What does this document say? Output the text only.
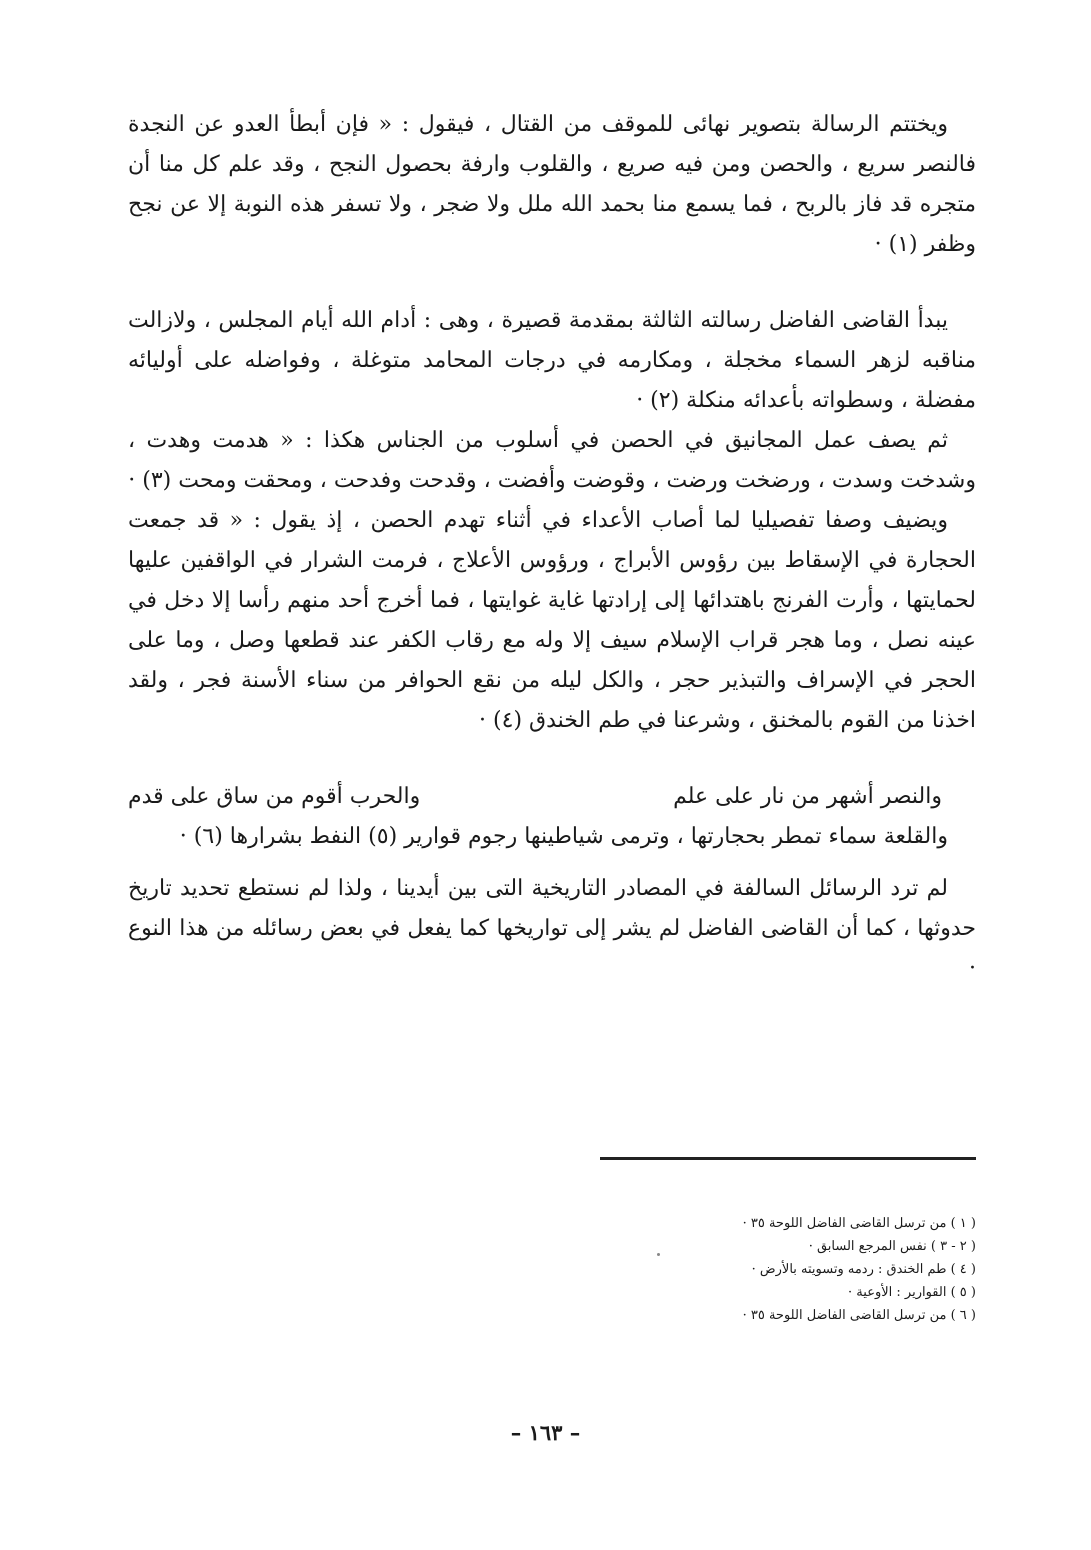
ويختتم الرسالة بتصوير نهائى للموقف من القتال ، فيقول : « فإن أبطأ العدو عن النجدة فالنصر سريع ، والحصن ومن فيه صريع ، والقلوب وارفة بحصول النجح ، وقد علم كل منا أن متجره قد فاز بالربح ، فما يسمع منا بحمد الله ملل ولا ضجر ، ولا تسفر هذه النوبة إلا عن نجح وظفر (١) ·

يبدأ القاضى الفاضل رسالته الثالثة بمقدمة قصيرة ، وهى : أدام الله أيام المجلس ، ولازالت مناقبه لزهر السماء مخجلة ، ومكارمه في درجات المحامد متوغلة ، وفواضله على أوليائه مفضلة ، وسطواته بأعدائه منكلة (٢) ·

ثم يصف عمل المجانيق في الحصن في أسلوب من الجناس هكذا : « هدمت وهدت ، وشدخت وسدت ، ورضخت ورضت ، وقوضت وأفضت ، وقدحت وفدحت ، ومحقت ومحت (٣) ·

ويضيف وصفا تفصيليا لما أصاب الأعداء في أثناء تهدم الحصن ، إذ يقول : « قد جمعت الحجارة في الإسقاط بين رؤوس الأبراج ، ورؤوس الأعلاج ، فرمت الشرار في الواقفين عليها لحمايتها ، وأرت الفرنج باهتدائها إلى إرادتها غاية غوايتها ، فما أخرج أحد منهم رأسا إلا دخل في عينه نصل ، وما هجر قراب الإسلام سيف إلا وله مع رقاب الكفر عند قطعها وصل ، وما على الحجر في الإسراف والتبذير حجر ، والكل ليله من نقع الحوافر من سناء الأسنة فجر ، ولقد اخذنا من القوم بالمخنق ، وشرعنا في طم الخندق (٤) ·

والنصر أشهر من نار على علم
والحرب أقوم من ساق على قدم

والقلعة سماء تمطر بحجارتها ، وترمى شياطينها رجوم قوارير (٥) النفط بشرارها (٦) ·

لم ترد الرسائل السالفة في المصادر التاريخية التى بين أيدينا ، ولذا لم نستطع تحديد تاريخ حدوثها ، كما أن القاضى الفاضل لم يشر إلى تواريخها كما يفعل في بعض رسائله من هذا النوع ·

( ١ ) من ترسل القاضى الفاضل اللوحة ٣٥ ·
( ٢ - ٣ ) نفس المرجع السابق ·
( ٤ ) طم الخندق : ردمه وتسويته بالأرض ·
( ٥ ) القوارير : الأوعية ·
( ٦ ) من ترسل القاضى الفاضل اللوحة ٣٥ ·
– ١٦٣ –
